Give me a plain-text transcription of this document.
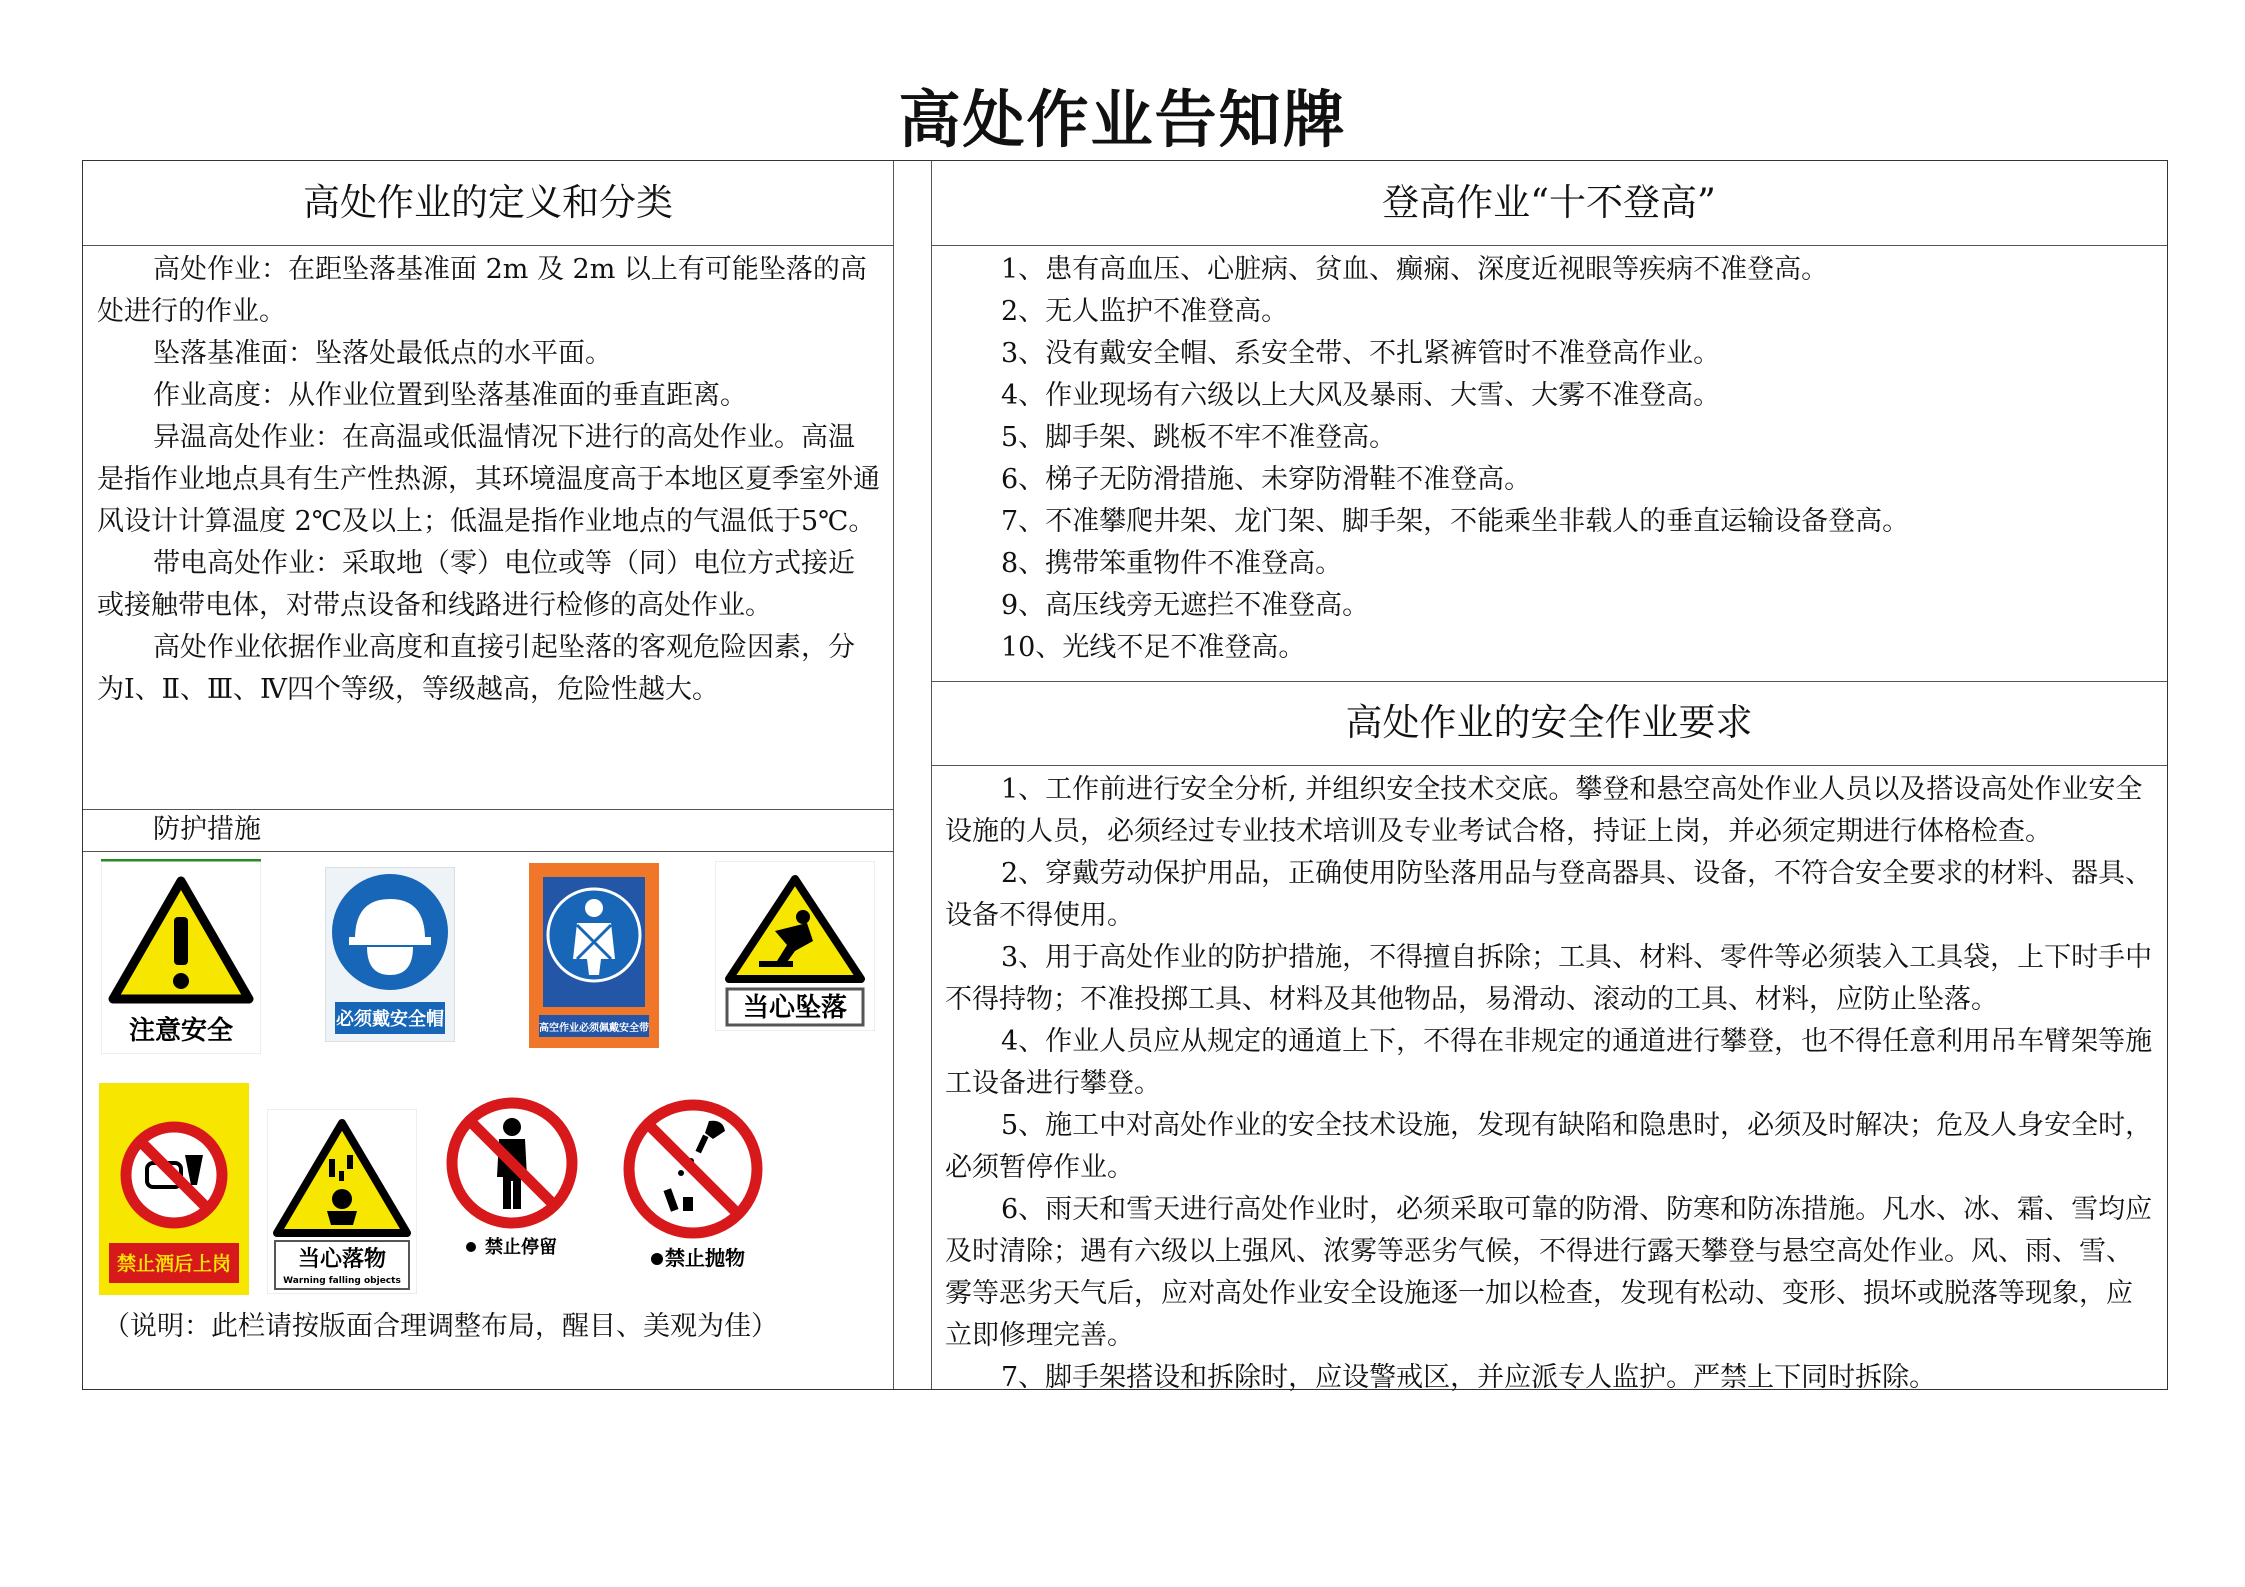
高处作业告知牌
高处作业的定义和分类

高处作业：在距坠落基准面 2m 及 2m 以上有可能坠落的高处进行的作业。

坠落基准面：坠落处最低点的水平面。

作业高度：从作业位置到坠落基准面的垂直距离。

异温高处作业：在高温或低温情况下进行的高处作业。高温是指作业地点具有生产性热源，其环境温度高于本地区夏季室外通风设计计算温度 2℃及以上；低温是指作业地点的气温低于5℃。

带电高处作业：采取地（零）电位或等（同）电位方式接近或接触带电体，对带点设备和线路进行检修的高处作业。

高处作业依据作业高度和直接引起坠落的客观危险因素，分为Ⅰ、Ⅱ、Ⅲ、Ⅳ四个等级，等级越高，危险性越大。

防护措施
注意安全	必须戴安全帽	高空作业必须佩戴安全带
当心坠落
禁止酒后上岗	当心落物
Warning falling objects
禁止停留	禁止抛物
（说明：此栏请按版面合理调整布局，醒目、美观为佳）
登高作业“十不登高”

1、患有高血压、心脏病、贫血、癫痫、深度近视眼等疾病不准登高。

2、无人监护不准登高。

3、没有戴安全帽、系安全带、不扎紧裤管时不准登高作业。

4、作业现场有六级以上大风及暴雨、大雪、大雾不准登高。

5、脚手架、跳板不牢不准登高。

6、梯子无防滑措施、未穿防滑鞋不准登高。

7、不准攀爬井架、龙门架、脚手架，不能乘坐非载人的垂直运输设备登高。

8、携带笨重物件不准登高。

9、高压线旁无遮拦不准登高。

10、光线不足不准登高。

高处作业的安全作业要求

1、工作前进行安全分析, 并组织安全技术交底。攀登和悬空高处作业人员以及搭设高处作业安全设施的人员，必须经过专业技术培训及专业考试合格，持证上岗，并必须定期进行体格检查。

2、穿戴劳动保护用品，正确使用防坠落用品与登高器具、设备，不符合安全要求的材料、器具、设备不得使用。

3、用于高处作业的防护措施，不得擅自拆除；工具、材料、零件等必须装入工具袋，上下时手中不得持物；不准投掷工具、材料及其他物品，易滑动、滚动的工具、材料，应防止坠落。

4、作业人员应从规定的通道上下，不得在非规定的通道进行攀登，也不得任意利用吊车臂架等施工设备进行攀登。

5、施工中对高处作业的安全技术设施，发现有缺陷和隐患时，必须及时解决；危及人身安全时，必须暂停作业。

6、雨天和雪天进行高处作业时，必须采取可靠的防滑、防寒和防冻措施。凡水、冰、霜、雪均应及时清除；遇有六级以上强风、浓雾等恶劣气候，不得进行露天攀登与悬空高处作业。风、雨、雪、雾等恶劣天气后，应对高处作业安全设施逐一加以检查，发现有松动、变形、损坏或脱落等现象，应立即修理完善。

7、脚手架搭设和拆除时，应设警戒区，并应派专人监护。严禁上下同时拆除。
